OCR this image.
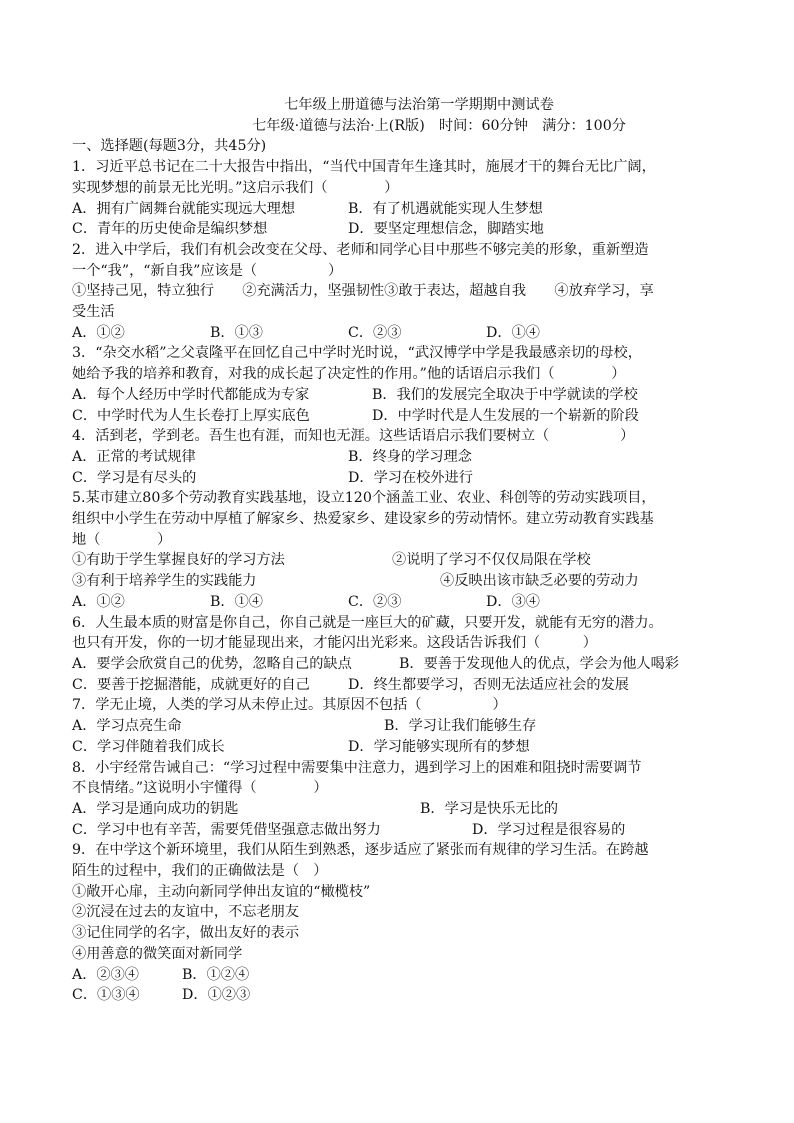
七年级上册道德与法治第一学期期中测试卷
七年级·道德与法治·上(R版)　时间：60分钟　满分：100分
一、选择题(每题3分，共45分)
1．习近平总书记在二十大报告中指出，“当代中国青年生逢其时，施展才干的舞台无比广阔，
实现梦想的前景无比光明。”这启示我们（　　　　）
A．拥有广阔舞台就能实现远大理想	B．有了机遇就能实现人生梦想
C．青年的历史使命是编织梦想	D．要坚定理想信念，脚踏实地
2．进入中学后，我们有机会改变在父母、老师和同学心目中那些不够完美的形象，重新塑造
一个“我”，“新自我”应该是（　　　　　）
①坚持己见，特立独行　　②充满活力，坚强韧性③敢于表达，超越自我　　④放弃学习，享
受生活
A．①②	B．①③	C．②③	D．①④
3．“杂交水稻”之父袁隆平在回忆自己中学时光时说，“武汉博学中学是我最感亲切的母校，
她给予我的培养和教育，对我的成长起了决定性的作用。”他的话语启示我们（　　　　）
A．每个人经历中学时代都能成为专家	B．我们的发展完全取决于中学就读的学校
C．中学时代为人生长卷打上厚实底色	D．中学时代是人生发展的一个崭新的阶段
4．活到老，学到老。吾生也有涯，而知也无涯。这些话语启示我们要树立（　　　　　）
A．正常的考试规律	B．终身的学习理念
C．学习是有尽头的	D．学习在校外进行
5.某市建立80多个劳动教育实践基地，设立120个涵盖工业、农业、科创等的劳动实践项目，
组织中小学生在劳动中厚植了解家乡、热爱家乡、建设家乡的劳动情怀。建立劳动教育实践基
地（　　　　）
①有助于学生掌握良好的学习方法	②说明了学习不仅仅局限在学校
③有利于培养学生的实践能力	④反映出该市缺乏必要的劳动力
A．①②	B．①④	C．②③	D．③④
6．人生最本质的财富是你自己，你自己就是一座巨大的矿藏，只要开发，就能有无穷的潜力。
也只有开发，你的一切才能显现出来，才能闪出光彩来。这段话告诉我们（　　　）
A．要学会欣赏自己的优势，忽略自己的缺点	B．要善于发现他人的优点，学会为他人喝彩
C．要善于挖掘潜能，成就更好的自己	D．终生都要学习，否则无法适应社会的发展
7．学无止境，人类的学习从未停止过。其原因不包括（　　　　　）
A．学习点亮生命	B．学习让我们能够生存
C．学习伴随着我们成长	D．学习能够实现所有的梦想
8．小宇经常告诫自己：“学习过程中需要集中注意力，遇到学习上的困难和阻挠时需要调节
不良情绪。”这说明小宇懂得（　　　　）
A．学习是通向成功的钥匙	B．学习是快乐无比的
C．学习中也有辛苦，需要凭借坚强意志做出努力	D．学习过程是很容易的
9．在中学这个新环境里，我们从陌生到熟悉，逐步适应了紧张而有规律的学习生活。在跨越
陌生的过程中，我们的正确做法是（　）
①敞开心扉，主动向新同学伸出友谊的“橄榄枝”
②沉浸在过去的友谊中，不忘老朋友
③记住同学的名字，做出友好的表示
④用善意的微笑面对新同学
A．②③④	B．①②④
C．①③④	D．①②③
